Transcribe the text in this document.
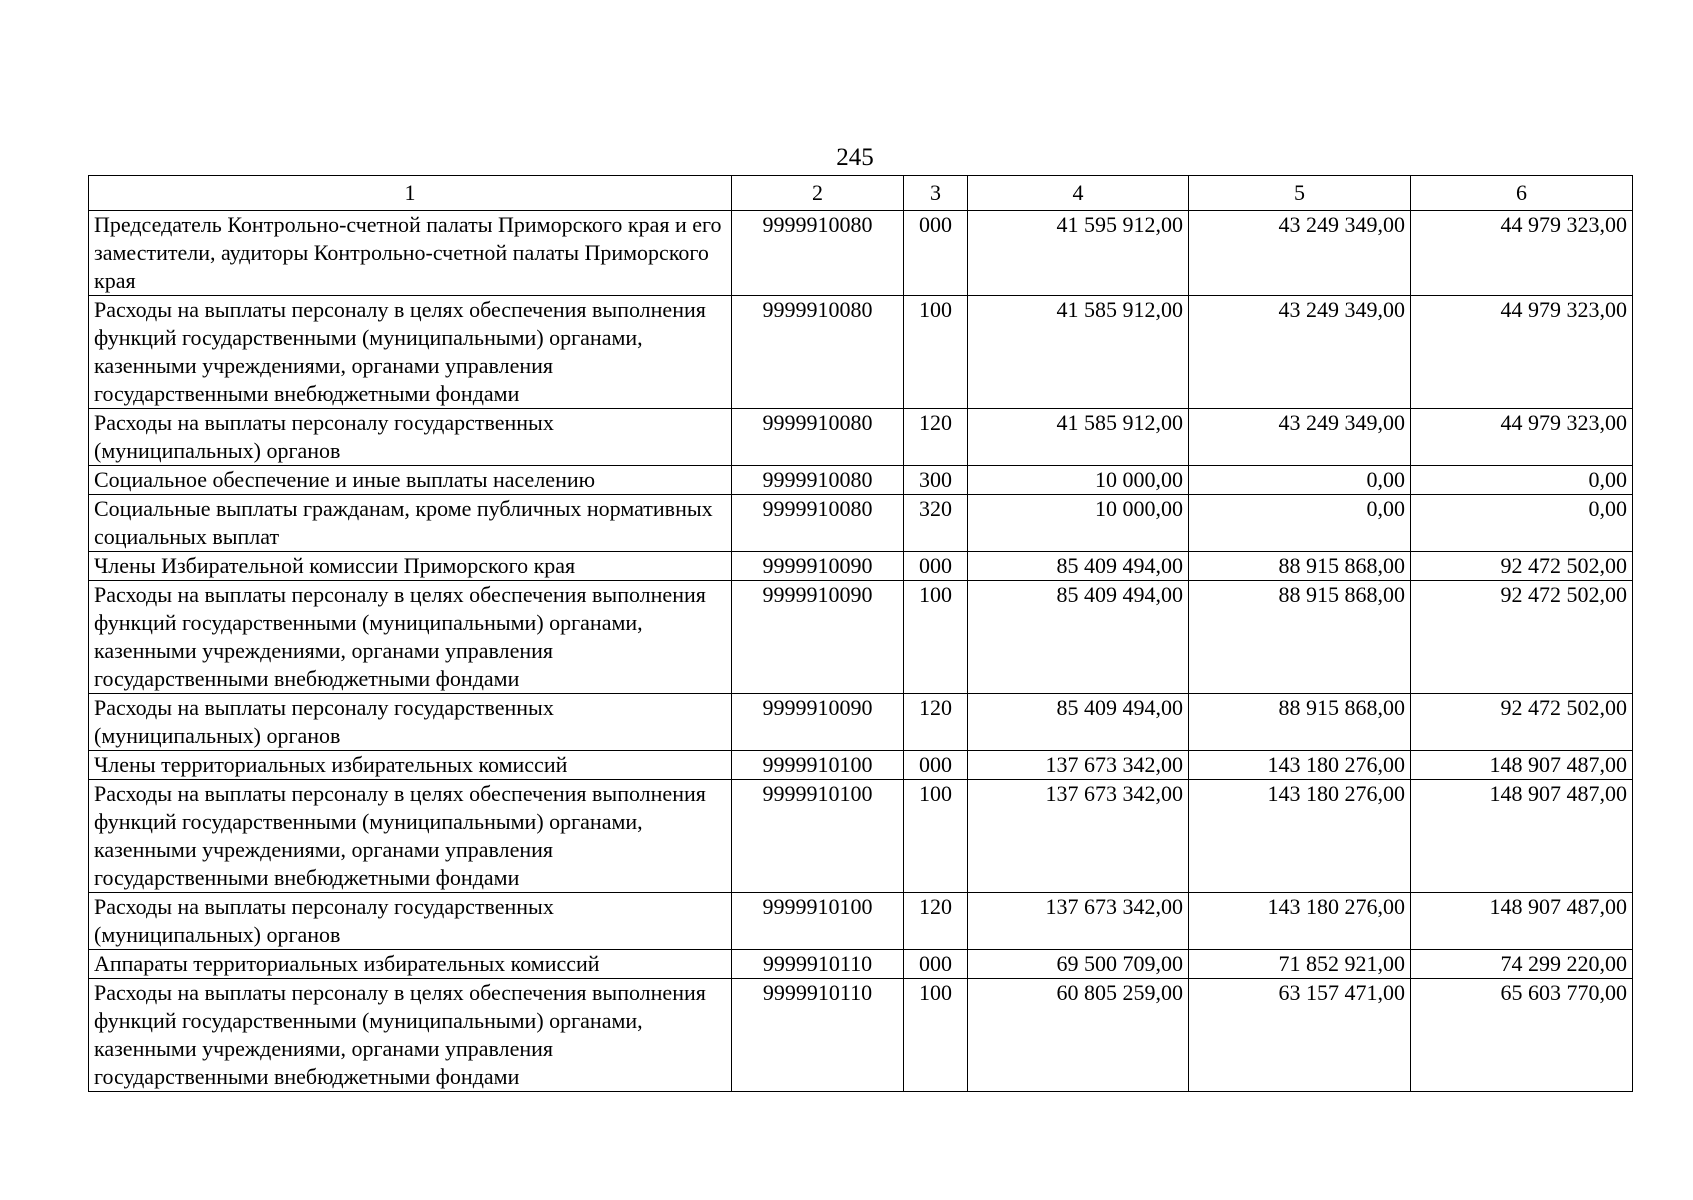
245
1	2	3	4	5	6
Председатель Контрольно-счетной палаты Приморского края и его заместители, аудиторы Контрольно-счетной палаты Приморского края	9999910080	000	41 595 912,00	43 249 349,00	44 979 323,00
Расходы на выплаты персоналу в целях обеспечения выполнения функций государственными (муниципальными) органами, казенными учреждениями, органами управления государственными внебюджетными фондами	9999910080	100	41 585 912,00	43 249 349,00	44 979 323,00
Расходы на выплаты персоналу государственных (муниципальных) органов	9999910080	120	41 585 912,00	43 249 349,00	44 979 323,00
Социальное обеспечение и иные выплаты населению	9999910080	300	10 000,00	0,00	0,00
Социальные выплаты гражданам, кроме публичных нормативных социальных выплат	9999910080	320	10 000,00	0,00	0,00
Члены Избирательной комиссии Приморского края	9999910090	000	85 409 494,00	88 915 868,00	92 472 502,00
Расходы на выплаты персоналу в целях обеспечения выполнения функций государственными (муниципальными) органами, казенными учреждениями, органами управления государственными внебюджетными фондами	9999910090	100	85 409 494,00	88 915 868,00	92 472 502,00
Расходы на выплаты персоналу государственных (муниципальных) органов	9999910090	120	85 409 494,00	88 915 868,00	92 472 502,00
Члены территориальных избирательных комиссий	9999910100	000	137 673 342,00	143 180 276,00	148 907 487,00
Расходы на выплаты персоналу в целях обеспечения выполнения функций государственными (муниципальными) органами, казенными учреждениями, органами управления государственными внебюджетными фондами	9999910100	100	137 673 342,00	143 180 276,00	148 907 487,00
Расходы на выплаты персоналу государственных (муниципальных) органов	9999910100	120	137 673 342,00	143 180 276,00	148 907 487,00
Аппараты территориальных избирательных комиссий	9999910110	000	69 500 709,00	71 852 921,00	74 299 220,00
Расходы на выплаты персоналу в целях обеспечения выполнения функций государственными (муниципальными) органами, казенными учреждениями, органами управления государственными внебюджетными фондами	9999910110	100	60 805 259,00	63 157 471,00	65 603 770,00
